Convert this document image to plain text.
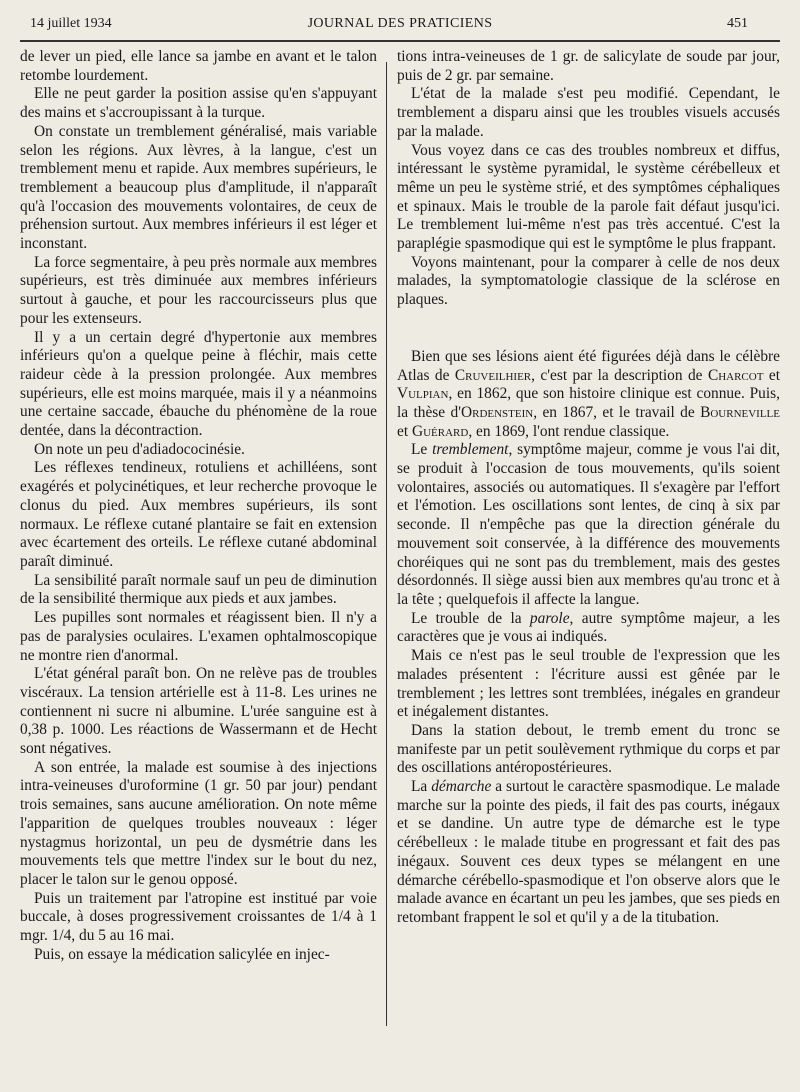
14 juillet 1934	JOURNAL DES PRATICIENS	451

de lever un pied, elle lance sa jambe en avant et le talon retombe lourdement.

Elle ne peut garder la position assise qu'en s'appuyant des mains et s'accroupissant à la turque.

On constate un tremblement généralisé, mais variable selon les régions. Aux lèvres, à la langue, c'est un tremblement menu et rapide. Aux membres supérieurs, le tremblement a beaucoup plus d'amplitude, il n'apparaît qu'à l'occasion des mouvements volontaires, de ceux de préhension surtout. Aux membres inférieurs il est léger et inconstant.

La force segmentaire, à peu près normale aux membres supérieurs, est très diminuée aux membres inférieurs surtout à gauche, et pour les raccourcisseurs plus que pour les extenseurs.

Il y a un certain degré d'hypertonie aux membres inférieurs qu'on a quelque peine à fléchir, mais cette raideur cède à la pression prolongée. Aux membres supérieurs, elle est moins marquée, mais il y a néanmoins une certaine saccade, ébauche du phénomène de la roue dentée, dans la décontraction.

On note un peu d'adiadococinésie.

Les réflexes tendineux, rotuliens et achilléens, sont exagérés et polycinétiques, et leur recherche provoque le clonus du pied. Aux membres supérieurs, ils sont normaux. Le réflexe cutané plantaire se fait en extension avec écartement des orteils. Le réflexe cutané abdominal paraît diminué.

La sensibilité paraît normale sauf un peu de diminution de la sensibilité thermique aux pieds et aux jambes.

Les pupilles sont normales et réagissent bien. Il n'y a pas de paralysies oculaires. L'examen ophtalmoscopique ne montre rien d'anormal.

L'état général paraît bon. On ne relève pas de troubles viscéraux. La tension artérielle est à 11-8. Les urines ne contiennent ni sucre ni albumine. L'urée sanguine est à 0,38 p. 1000. Les réactions de Wassermann et de Hecht sont négatives.

A son entrée, la malade est soumise à des injections intra-veineuses d'uroformine (1 gr. 50 par jour) pendant trois semaines, sans aucune amélioration. On note même l'apparition de quelques troubles nouveaux : léger nystagmus horizontal, un peu de dysmétrie dans les mouvements tels que mettre l'index sur le bout du nez, placer le talon sur le genou opposé.

Puis un traitement par l'atropine est institué par voie buccale, à doses progressivement croissantes de 1/4 à 1 mgr. 1/4, du 5 au 16 mai.

Puis, on essaye la médication salicylée en injec-

tions intra-veineuses de 1 gr. de salicylate de soude par jour, puis de 2 gr. par semaine.

L'état de la malade s'est peu modifié. Cependant, le tremblement a disparu ainsi que les troubles visuels accusés par la malade.

Vous voyez dans ce cas des troubles nombreux et diffus, intéressant le système pyramidal, le système cérébelleux et même un peu le système strié, et des symptômes céphaliques et spinaux. Mais le trouble de la parole fait défaut jusqu'ici. Le tremblement lui-même n'est pas très accentué. C'est la paraplégie spasmodique qui est le symptôme le plus frappant.

Voyons maintenant, pour la comparer à celle de nos deux malades, la symptomatologie classique de la sclérose en plaques.

Bien que ses lésions aient été figurées déjà dans le célèbre Atlas de Cruveilhier, c'est par la description de Charcot et Vulpian, en 1862, que son histoire clinique est connue. Puis, la thèse d'Ordenstein, en 1867, et le travail de Bourneville et Guérard, en 1869, l'ont rendue classique.

Le tremblement, symptôme majeur, comme je vous l'ai dit, se produit à l'occasion de tous mouvements, qu'ils soient volontaires, associés ou automatiques. Il s'exagère par l'effort et l'émotion. Les oscillations sont lentes, de cinq à six par seconde. Il n'empêche pas que la direction générale du mouvement soit conservée, à la différence des mouvements choréiques qui ne sont pas du tremblement, mais des gestes désordonnés. Il siège aussi bien aux membres qu'au tronc et à la tête ; quelquefois il affecte la langue.

Le trouble de la parole, autre symptôme majeur, a les caractères que je vous ai indiqués.

Mais ce n'est pas le seul trouble de l'expression que les malades présentent : l'écriture aussi est gênée par le tremblement ; les lettres sont tremblées, inégales en grandeur et inégalement distantes.

Dans la station debout, le tremb ement du tronc se manifeste par un petit soulèvement rythmique du corps et par des oscillations antéropostérieures.

La démarche a surtout le caractère spasmodique. Le malade marche sur la pointe des pieds, il fait des pas courts, inégaux et se dandine. Un autre type de démarche est le type cérébelleux : le malade titube en progressant et fait des pas inégaux. Souvent ces deux types se mélangent en une démarche cérébello-spasmodique et l'on observe alors que le malade avance en écartant un peu les jambes, que ses pieds en retombant frappent le sol et qu'il y a de la titubation.
